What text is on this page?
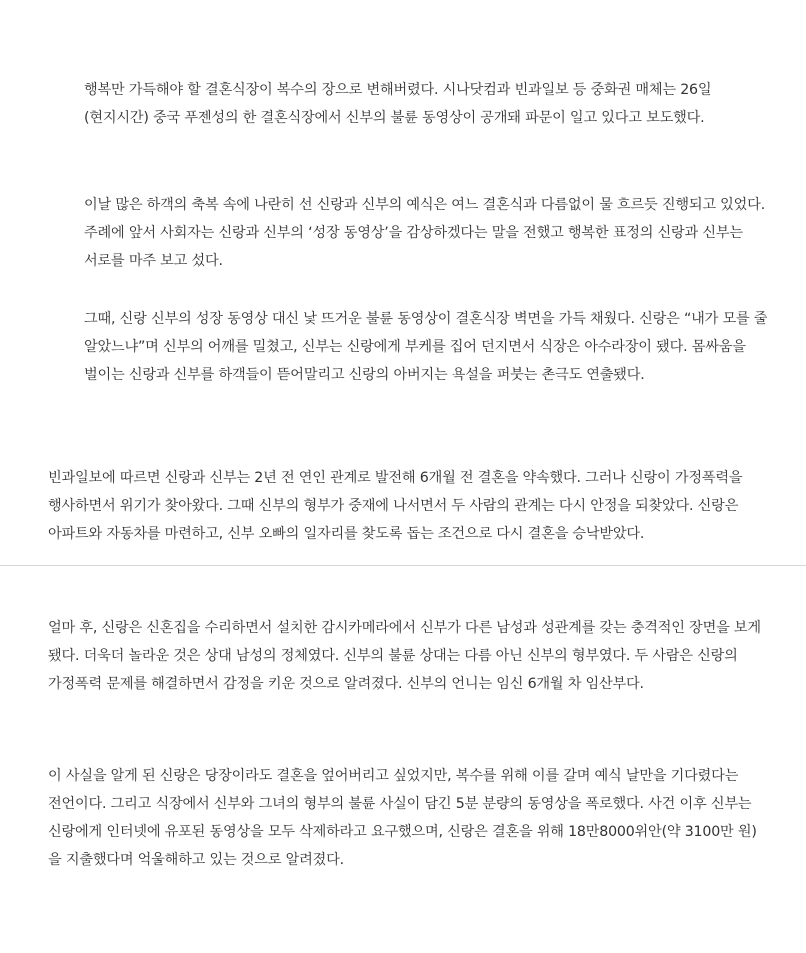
행복만 가득해야 할 결혼식장이 복수의 장으로 변해버렸다. 시나닷컴과 빈과일보 등 중화권 매체는 26일(현지시간) 중국 푸젠성의 한 결혼식장에서 신부의 불륜 동영상이 공개돼 파문이 일고 있다고 보도했다.
이날 많은 하객의 축복 속에 나란히 선 신랑과 신부의 예식은 여느 결혼식과 다름없이 물 흐르듯 진행되고 있었다. 주례에 앞서 사회자는 신랑과 신부의 ‘성장 동영상’을 감상하겠다는 말을 전했고 행복한 표정의 신랑과 신부는 서로를 마주 보고 섰다.
그때, 신랑 신부의 성장 동영상 대신 낯 뜨거운 불륜 동영상이 결혼식장 벽면을 가득 채웠다. 신랑은 “내가 모를 줄 알았느냐”며 신부의 어깨를 밀쳤고, 신부는 신랑에게 부케를 집어 던지면서 식장은 아수라장이 됐다. 몸싸움을 벌이는 신랑과 신부를 하객들이 뜯어말리고 신랑의 아버지는 욕설을 퍼붓는 촌극도 연출됐다.
빈과일보에 따르면 신랑과 신부는 2년 전 연인 관계로 발전해 6개월 전 결혼을 약속했다. 그러나 신랑이 가정폭력을 행사하면서 위기가 찾아왔다. 그때 신부의 형부가 중재에 나서면서 두 사람의 관계는 다시 안정을 되찾았다. 신랑은 아파트와 자동차를 마련하고, 신부 오빠의 일자리를 찾도록 돕는 조건으로 다시 결혼을 승낙받았다.
얼마 후, 신랑은 신혼집을 수리하면서 설치한 감시카메라에서 신부가 다른 남성과 성관계를 갖는 충격적인 장면을 보게 됐다. 더욱더 놀라운 것은 상대 남성의 정체였다. 신부의 불륜 상대는 다름 아닌 신부의 형부였다. 두 사람은 신랑의 가정폭력 문제를 해결하면서 감정을 키운 것으로 알려졌다. 신부의 언니는 임신 6개월 차 임산부다.
이 사실을 알게 된 신랑은 당장이라도 결혼을 엎어버리고 싶었지만, 복수를 위해 이를 갈며 예식 날만을 기다렸다는 전언이다. 그리고 식장에서 신부와 그녀의 형부의 불륜 사실이 담긴 5분 분량의 동영상을 폭로했다. 사건 이후 신부는 신랑에게 인터넷에 유포된 동영상을 모두 삭제하라고 요구했으며, 신랑은 결혼을 위해 18만8000위안(약 3100만 원)을 지출했다며 억울해하고 있는 것으로 알려졌다.
